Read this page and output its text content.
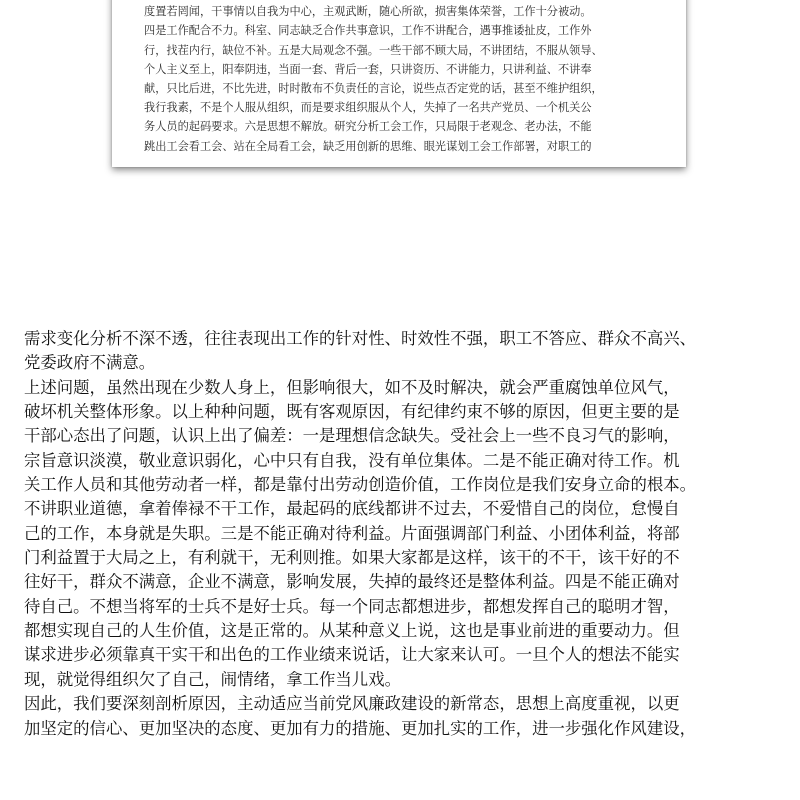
度置若罔闻，干事情以自我为中心，主观武断，随心所欲，损害集体荣誉，工作十分被动。
四是工作配合不力。科室、同志缺乏合作共事意识，工作不讲配合，遇事推诿扯皮，工作外
行，找茬内行，缺位不补。五是大局观念不强。一些干部不顾大局，不讲团结，不服从领导、
个人主义至上，阳奉阴违，当面一套、背后一套，只讲资历、不讲能力，只讲利益、不讲奉
献，只比后进，不比先进，时时散布不负责任的言论，说些点否定党的话，甚至不维护组织，
我行我素，不是个人服从组织，而是要求组织服从个人，失掉了一名共产党员、一个机关公
务人员的起码要求。六是思想不解放。研究分析工会工作，只局限于老观念、老办法，不能
跳出工会看工会、站在全局看工会，缺乏用创新的思维、眼光谋划工会工作部署，对职工的
需求变化分析不深不透，往往表现出工作的针对性、时效性不强，职工不答应、群众不高兴、
党委政府不满意。
上述问题，虽然出现在少数人身上，但影响很大，如不及时解决，就会严重腐蚀单位风气，
破坏机关整体形象。以上种种问题，既有客观原因，有纪律约束不够的原因，但更主要的是
干部心态出了问题，认识上出了偏差：一是理想信念缺失。受社会上一些不良习气的影响，
宗旨意识淡漠，敬业意识弱化，心中只有自我，没有单位集体。二是不能正确对待工作。机
关工作人员和其他劳动者一样，都是靠付出劳动创造价值，工作岗位是我们安身立命的根本。
不讲职业道德，拿着俸禄不干工作，最起码的底线都讲不过去，不爱惜自己的岗位，怠慢自
己的工作，本身就是失职。三是不能正确对待利益。片面强调部门利益、小团体利益，将部
门利益置于大局之上，有利就干，无利则推。如果大家都是这样，该干的不干，该干好的不
往好干，群众不满意，企业不满意，影响发展，失掉的最终还是整体利益。四是不能正确对
待自己。不想当将军的士兵不是好士兵。每一个同志都想进步，都想发挥自己的聪明才智，
都想实现自己的人生价值，这是正常的。从某种意义上说，这也是事业前进的重要动力。但
谋求进步必须靠真干实干和出色的工作业绩来说话，让大家来认可。一旦个人的想法不能实
现，就觉得组织欠了自己，闹情绪，拿工作当儿戏。
因此，我们要深刻剖析原因，主动适应当前党风廉政建设的新常态，思想上高度重视，以更
加坚定的信心、更加坚决的态度、更加有力的措施、更加扎实的工作，进一步强化作风建设，
